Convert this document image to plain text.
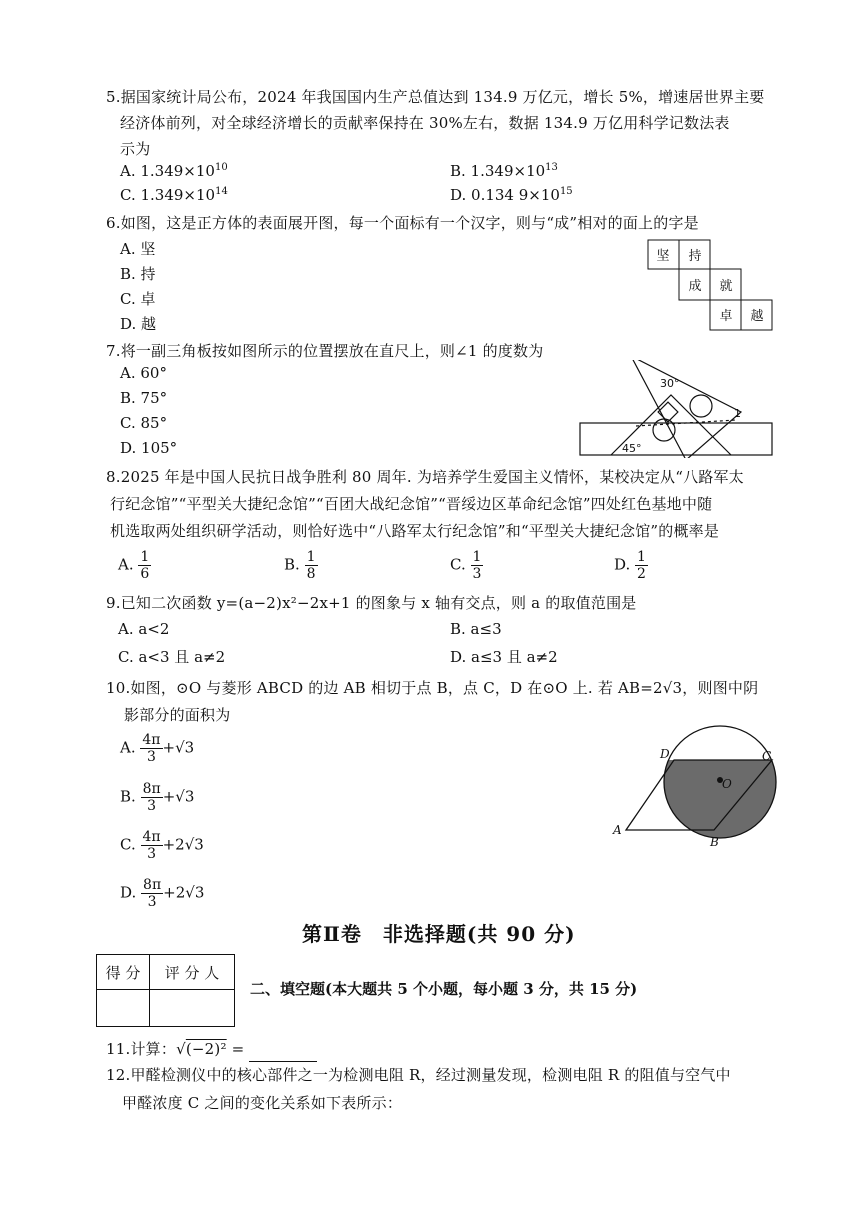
5.据国家统计局公布，2024 年我国国内生产总值达到 134.9 万亿元，增长 5%，增速居世界主要
经济体前列，对全球经济增长的贡献率保持在 30%左右，数据 134.9 万亿用科学记数法表
示为
A. $1.349\times 10^{10}$	B. $1.349\times 10^{13}$
C. $1.349\times 10^{14}$	D. 0.134 $9\times 10^{15}$
6.如图，这是正方体的表面展开图，每一个面标有一个汉字，则与“成”相对的面上的字是
A. 坚
B. 持
C. 卓
D. 越
坚 持
成 就
卓 越
7.将一副三角板按如图所示的位置摆放在直尺上，则∠1 的度数为
A. 60°
B. 75°
C. 85°
D. 105°
30°
45°
1
8.2025 年是中国人民抗日战争胜利 80 周年. 为培养学生爱国主义情怀，某校决定从“八路军太
行纪念馆”“平型关大捷纪念馆”“百团大战纪念馆”“晋绥边区革命纪念馆”四处红色基地中随
机选取两处组织研学活动，则恰好选中“八路军太行纪念馆”和“平型关大捷纪念馆”的概率是
A. $\frac{1}{6}$	B. $\frac{1}{8}$	C. $\frac{1}{3}$	D. $\frac{1}{2}$
9.已知二次函数 y=(a−2)x²−2x+1 的图象与 x 轴有交点，则 a 的取值范围是
A. a<2	B. a≤3
C. a<3 且 a≠2	D. a≤3 且 a≠2
10.如图，⊙O 与菱形 ABCD 的边 AB 相切于点 B，点 C，D 在⊙O 上. 若 AB=2√3，则图中阴
影部分的面积为
A. $\frac{4\pi}{3} +√3$
B. $\frac{8\pi}{3} +√3$
C. $\frac{4\pi}{3} +2√3$
D. $\frac{8\pi}{3} +2√3$
A
B
C
D
O
第Ⅱ卷　非选择题(共 90 分)
得 分	评 分 人

二、填空题(本大题共 5 个小题，每小题 3 分，共 15 分)
11.计算：√(−2)² =
12.甲醛检测仪中的核心部件之一为检测电阻 R，经过测量发现，检测电阻 R 的阻值与空气中
甲醛浓度 C 之间的变化关系如下表所示：
